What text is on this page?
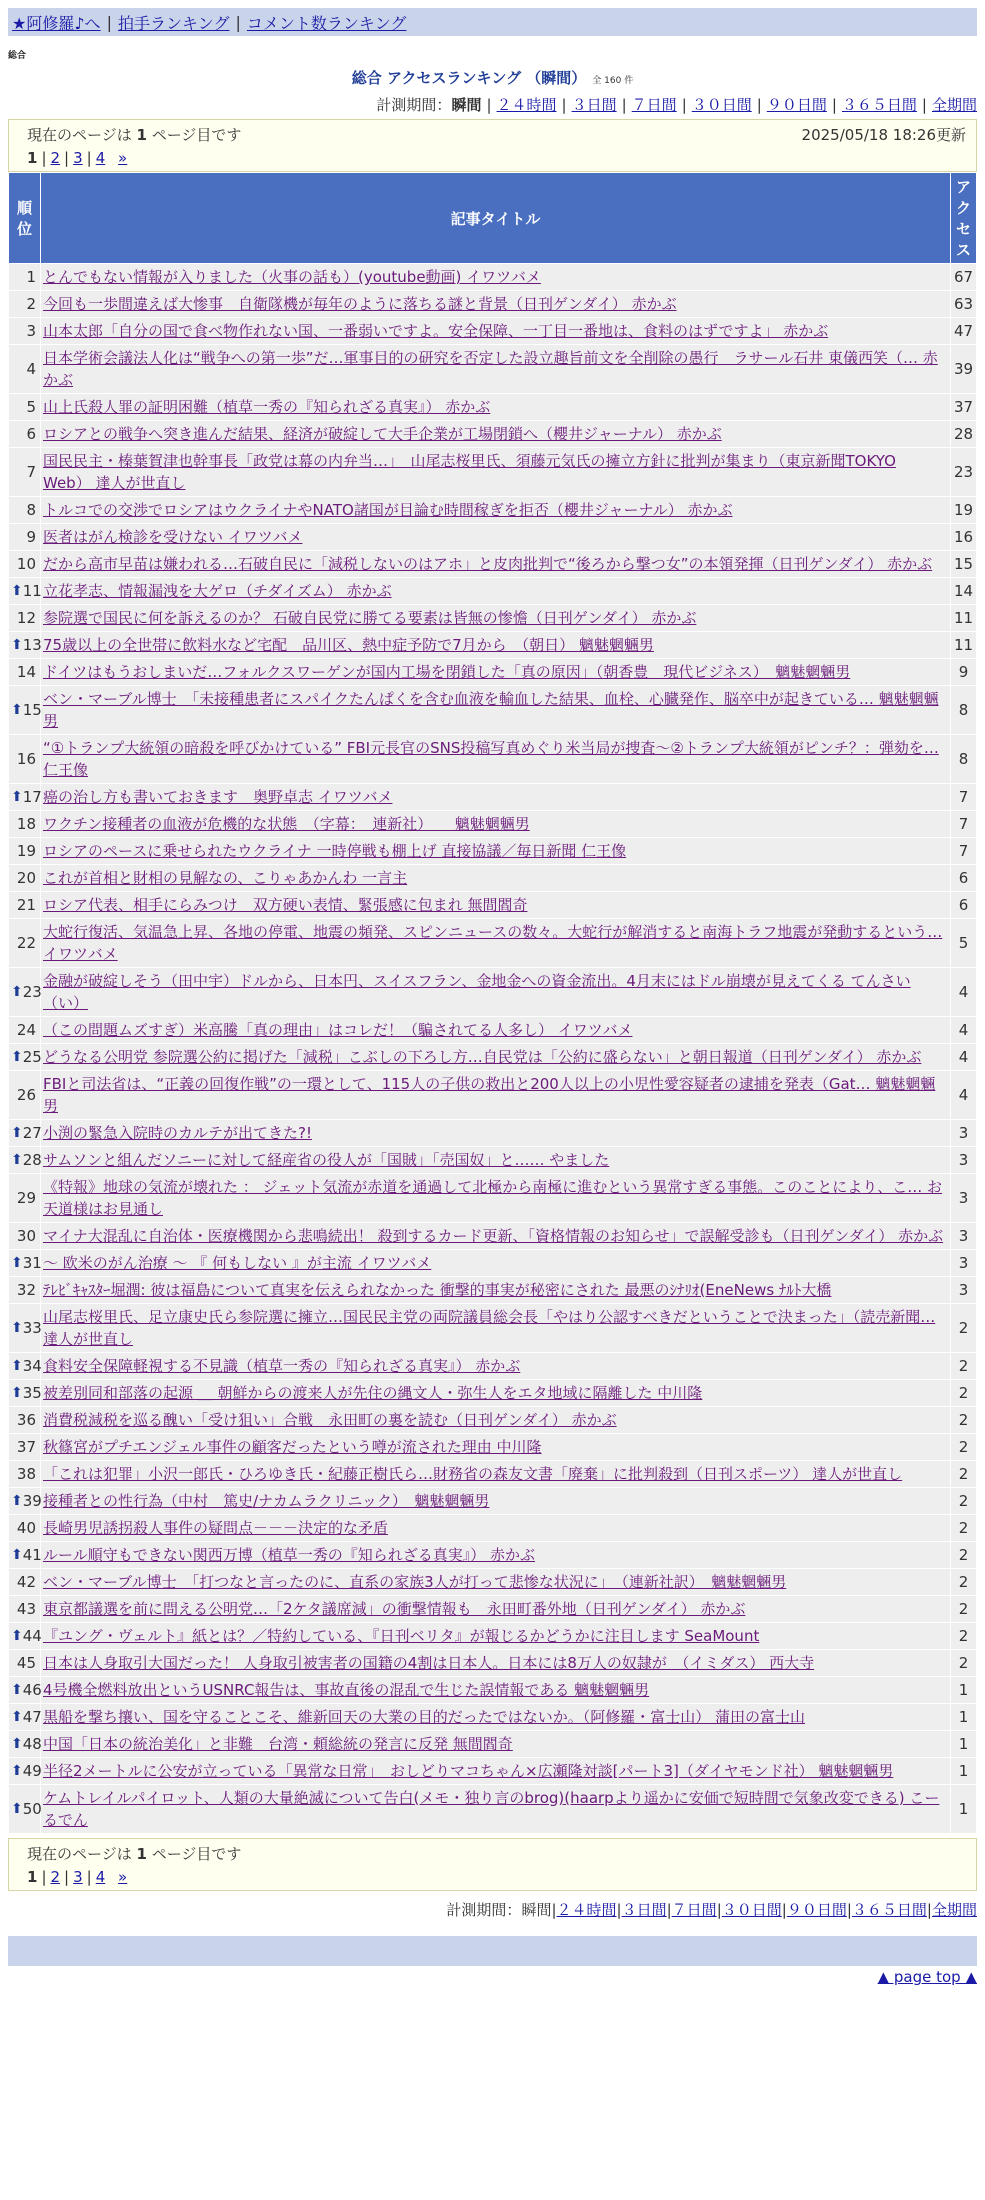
★阿修羅♪へ | 拍手ランキング | コメント数ランキング
総合
総合 アクセスランキング （瞬間） 全 160 件
計測期間：瞬間 | ２４時間 | ３日間 | ７日間 | ３０日間 | ９０日間 | ３６５日間 | 全期間
現在のページは 1 ページ目です	2025/05/18 18:26更新
1 | 2 | 3 | 4 »
順位	記事タイトル	アクセス
1	とんでもない情報が入りました（火事の話も）(youtube動画) イワツバメ	67
2	今回も一歩間違えば大惨事　自衛隊機が毎年のように落ちる謎と背景（日刊ゲンダイ） 赤かぶ	63
3	山本太郎「自分の国で食べ物作れない国、一番弱いですよ。安全保障、一丁目一番地は、食料のはずですよ」 赤かぶ	47
4	日本学術会議法人化は“戦争への第一歩”だ…軍事目的の研究を否定した設立趣旨前文を全削除の愚行　ラサール石井 東儀西笑（… 赤かぶ	39
5	山上氏殺人罪の証明困難（植草一秀の『知られざる真実』） 赤かぶ	37
6	ロシアとの戦争へ突き進んだ結果、経済が破綻して大手企業が工場閉鎖へ（櫻井ジャーナル） 赤かぶ	28
7	国民民主・榛葉賀津也幹事長「政党は幕の内弁当…」　山尾志桜里氏、須藤元気氏の擁立方針に批判が集まり（東京新聞TOKYO Web） 達人が世直し	23
8	トルコでの交渉でロシアはウクライナやNATO諸国が目論む時間稼ぎを拒否（櫻井ジャーナル） 赤かぶ	19
9	医者はがん検診を受けない イワツバメ	16
10	だから高市早苗は嫌われる…石破自民に「減税しないのはアホ」と皮肉批判で“後ろから撃つ女”の本領発揮（日刊ゲンダイ） 赤かぶ	15

⬆ 11	立花孝志、情報漏洩を大ゲロ（チダイズム） 赤かぶ	14
12	参院選で国民に何を訴えるのか？ 石破自民党に勝てる要素は皆無の惨憺（日刊ゲンダイ） 赤かぶ	11

⬆ 13	75歳以上の全世帯に飲料水など宅配　品川区、熱中症予防で7月から　（朝日） 魑魅魍魎男	11
14	ドイツはもうおしまいだ…フォルクスワーゲンが国内工場を閉鎖した「真の原因」（朝香豊　現代ビジネス）　魑魅魍魎男	9

⬆ 15	ベン・マーブル博士　「未接種患者にスパイクたんぱくを含む血液を輸血した結果、血栓、心臓発作、脳卒中が起きている… 魑魅魍魎男	8
16	“①トランプ大統領の暗殺を呼びかけている” FBI元長官のSNS投稿写真めぐり米当局が捜査～②トランプ大統領がピンチ？：弾劾を… 仁王像	8

⬆ 17	癌の治し方も書いておきます　奥野卓志 イワツバメ	7
18	ワクチン接種者の血液が危機的な状態　（字幕：　連新社）　　魑魅魍魎男	7
19	ロシアのペースに乗せられたウクライナ 一時停戦も棚上げ 直接協議／毎日新聞 仁王像	7
20	これが首相と財相の見解なの、こりゃあかんわ 一言主	6
21	ロシア代表、相手にらみつけ　双方硬い表情、緊張感に包まれ 無間閻奇	6
22	大蛇行復活、気温急上昇、各地の停電、地震の頻発、スピンニュースの数々。大蛇行が解消すると南海トラフ地震が発動するという… イワツバメ	5

⬆ 23	金融が破綻しそう（田中宇）ドルから、日本円、スイスフラン、金地金への資金流出。4月末にはドル崩壊が見えてくる てんさい（い）	4
24	（この問題ムズすぎ）米高騰「真の理由」はコレだ！（騙されてる人多し） イワツバメ	4

⬆ 25	どうなる公明党 参院選公約に掲げた「減税」こぶしの下ろし方…自民党は「公約に盛らない」と朝日報道（日刊ゲンダイ） 赤かぶ	4
26	FBIと司法省は、“正義の回復作戦”の一環として、115人の子供の救出と200人以上の小児性愛容疑者の逮捕を発表（Gat… 魑魅魍魎男	4

⬆ 27	小渕の緊急入院時のカルテが出てきた?!	3

⬆ 28	サムソンと組んだソニーに対して経産省の役人が「国賊」「売国奴」と…… やました	3
29	《特報》地球の気流が壊れた ： ジェット気流が赤道を通過して北極から南極に進むという異常すぎる事態。このことにより、こ… お天道様はお見通し	3
30	マイナ大混乱に自治体・医療機関から悲鳴続出！ 殺到するカード更新、「資格情報のお知らせ」で誤解受診も（日刊ゲンダイ） 赤かぶ	3

⬆ 31	～ 欧米のがん治療 ～ 『 何もしない 』が主流 イワツバメ	3
32	ﾃﾚﾋﾞｷｬｽﾀｰ堀潤: 彼は福島について真実を伝えられなかった 衝撃的事実が秘密にされた 最悪のｼﾅﾘｵ(EneNews ﾅﾙﾄ大橋	3

⬆ 33	山尾志桜里氏、足立康史氏ら参院選に擁立…国民民主党の両院議員総会長「やはり公認すべきだということで決まった」（読売新聞… 達人が世直し	2

⬆ 34	食料安全保障軽視する不見識（植草一秀の『知られざる真実』） 赤かぶ	2

⬆ 35	被差別同和部落の起源 ＿ 朝鮮からの渡来人が先住の縄文人・弥生人をエタ地域に隔離した 中川隆	2
36	消費税減税を巡る醜い「受け狙い」合戦　永田町の裏を読む（日刊ゲンダイ） 赤かぶ	2
37	秋篠宮がプチエンジェル事件の顧客だったという噂が流された理由 中川隆	2
38	「これは犯罪」小沢一郎氏・ひろゆき氏・紀藤正樹氏ら…財務省の森友文書「廃棄」に批判殺到（日刊スポーツ） 達人が世直し	2

⬆ 39	接種者との性行為（中村　篤史/ナカムラクリニック）　魑魅魍魎男	2
40	長崎男児誘拐殺人事件の疑問点－－－決定的な矛盾	2

⬆ 41	ルール順守もできない関西万博（植草一秀の『知られざる真実』） 赤かぶ	2
42	ベン・マーブル博士　「打つなと言ったのに、直系の家族3人が打って悲惨な状況に」　（連新社訳）　魑魅魍魎男	2
43	東京都議選を前に問える公明党…「2ケタ議席減」の衝撃情報も　永田町番外地（日刊ゲンダイ） 赤かぶ	2

⬆ 44	『ユング・ヴェルト』紙とは？／特約している、『日刊ベリタ』が報じるかどうかに注目します SeaMount	2
45	日本は人身取引大国だった！ 人身取引被害者の国籍の4割は日本人。日本には8万人の奴隷が　（イミダス） 西大寺	2

⬆ 46	4号機全燃料放出というUSNRC報告は、事故直後の混乱で生じた誤情報である 魑魅魍魎男	1

⬆ 47	黒船を撃ち攘い、国を守ることこそ、維新回天の大業の目的だったではないか。（阿修羅・富士山） 蒲田の富士山	1

⬆ 48	中国「日本の統治美化」と非難　台湾・頼総統の発言に反発 無間閻奇	1

⬆ 49	半径2メートルに公安が立っている「異常な日常」　おしどりマコちゃん×広瀬隆対談[パート3]（ダイヤモンド社） 魑魅魍魎男	1

⬆ 50	ケムトレイルパイロット、人類の大量絶滅について告白(メモ・独り言のbrog)(haarpより遥かに安価で短時間で気象改変できる) こーるでん	1
現在のページは 1 ページ目です
1 | 2 | 3 | 4 »
計測期間：瞬間|２４時間|３日間|７日間|３０日間|９０日間|３６５日間|全期間
▲ page top ▲
